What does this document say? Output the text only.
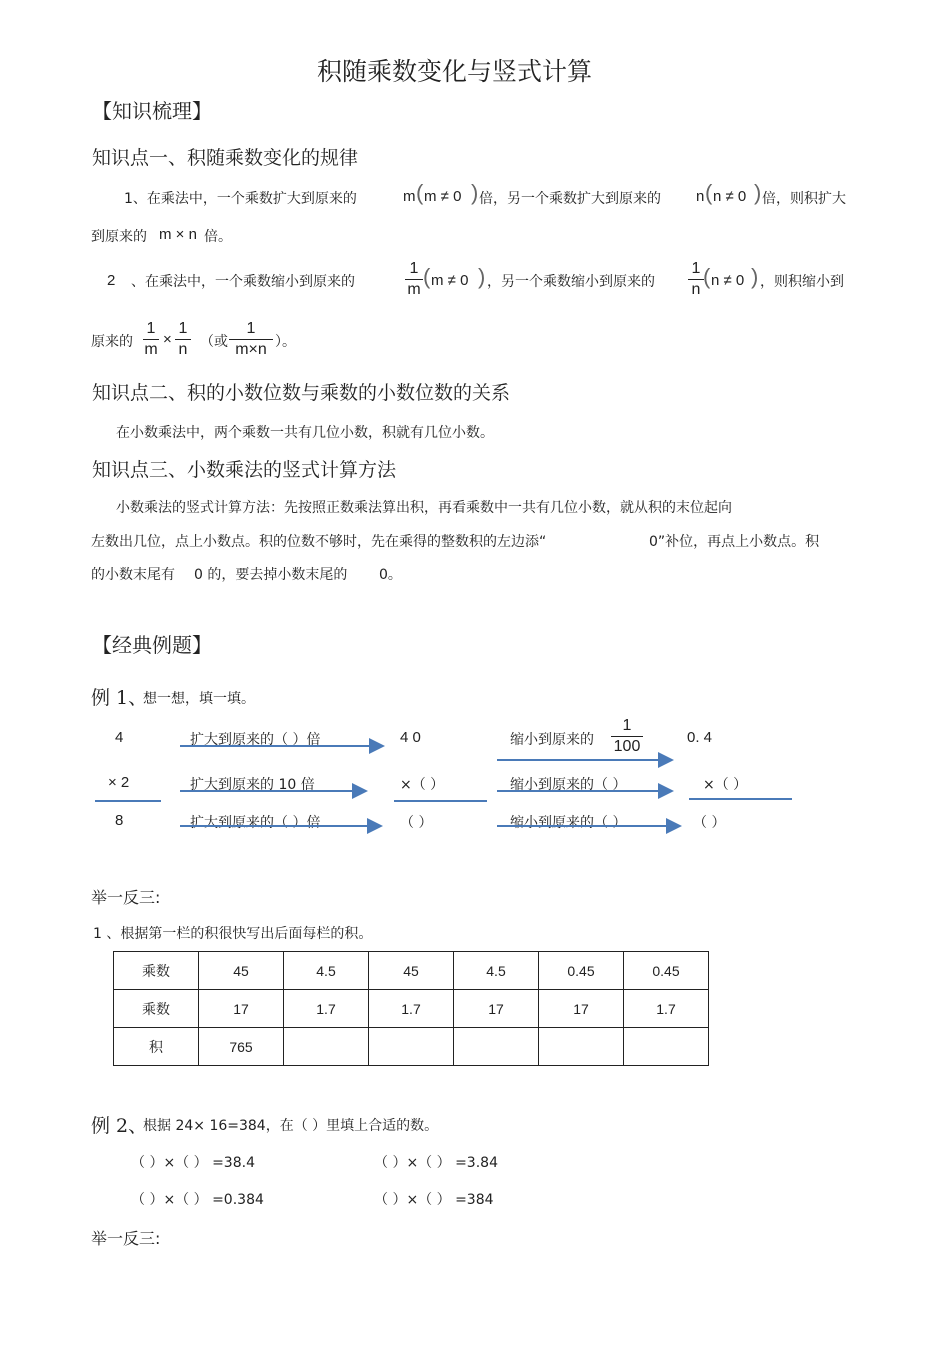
积随乘数变化与竖式计算
【知识梳理】
知识点一、积随乘数变化的规律
1、在乘法中，一个乘数扩大到原来的	m ( m ≠ 0 ) 倍，另一个乘数扩大到原来的 n ( n ≠ 0 ) 倍，则积扩大
到原来的 m × n 倍。
2 、在乘法中，一个乘数缩小到原来的
1
m
( m ≠ 0 ) ，另一个乘数缩小到原来的
1
n
( n ≠ 0 ) ，则积缩小到
原来的
1
m
×
1
n （或
1
m×n ）。
知识点二、积的小数位数与乘数的小数位数的关系
在小数乘法中，两个乘数一共有几位小数，积就有几位小数。
知识点三、小数乘法的竖式计算方法
小数乘法的竖式计算方法：先按照正数乘法算出积，再看乘数中一共有几位小数，就从积的末位起向
左数出几位，点上小数点。积的位数不够时，先在乘得的整数积的左边添“	0”补位，再点上小数点。积
的小数末尾有 0 的，要去掉小数末尾的 0。
【经典例题】
例 1、
想一想，填一填。
4
× 2
8
扩大到原来的（ ）倍
扩大到原来的 10 倍
扩大到原来的（ ）倍
4 0
×（ ）
（ ）
缩小到原来的
1
100
缩小到原来的（ ）
缩小到原来的（ ）
0. 4
×（ ）
（ ）
举一反三:
1 、根据第一栏的积很快写出后面每栏的积。
乘数	45	4.5	45	4.5	0.45	0.45
乘数	17	1.7	1.7	17	17	1.7
积	765					
例 2、
根据 24× 16=384，在（ ）里填上合适的数。
（ ）×（ ） =38.4	（ ）×（ ） =3.84
（ ）×（ ） =0.384	（ ）×（ ） =384
举一反三:
